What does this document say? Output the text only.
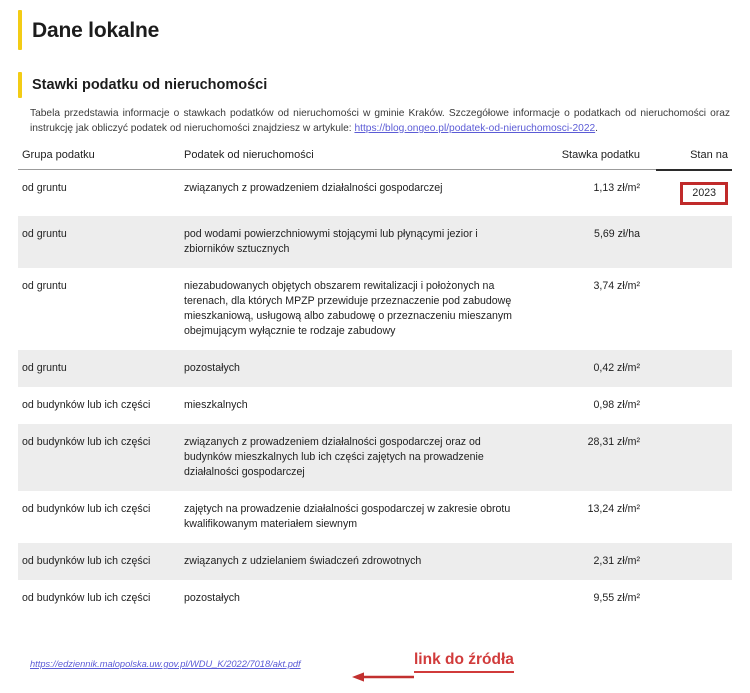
Dane lokalne
Stawki podatku od nieruchomości

Tabela przedstawia informacje o stawkach podatków od nieruchomości w gminie Kraków. Szczegółowe informacje o podatkach od nieruchomości oraz instrukcję jak obliczyć podatek od nieruchomości znajdziesz w artykule: https://blog.ongeo.pl/podatek-od-nieruchomosci-2022.

Grupa podatku	Podatek od nieruchomości	Stawka podatku	Stan na
od gruntu	związanych z prowadzeniem działalności gospodarczej	1,13 zł/m²	2023
od gruntu	pod wodami powierzchniowymi stojącymi lub płynącymi jezior i zbiorników sztucznych	5,69 zł/ha	
od gruntu	niezabudowanych objętych obszarem rewitalizacji i położonych na terenach, dla których MPZP przewiduje przeznaczenie pod zabudowę mieszkaniową, usługową albo zabudowę o przeznaczeniu mieszanym obejmującym wyłącznie te rodzaje zabudowy	3,74 zł/m²	
od gruntu	pozostałych	0,42 zł/m²	
od budynków lub ich części	mieszkalnych	0,98 zł/m²	
od budynków lub ich części	związanych z prowadzeniem działalności gospodarczej oraz od budynków mieszkalnych lub ich części zajętych na prowadzenie działalności gospodarczej	28,31 zł/m²	
od budynków lub ich części	zajętych na prowadzenie działalności gospodarczej w zakresie obrotu kwalifikowanym materiałem siewnym	13,24 zł/m²	
od budynków lub ich części	związanych z udzielaniem świadczeń zdrowotnych	2,31 zł/m²	
od budynków lub ich części	pozostałych	9,55 zł/m²	
https://edziennik.malopolska.uw.gov.pl/WDU_K/2022/7018/akt.pdf	link do źródła
